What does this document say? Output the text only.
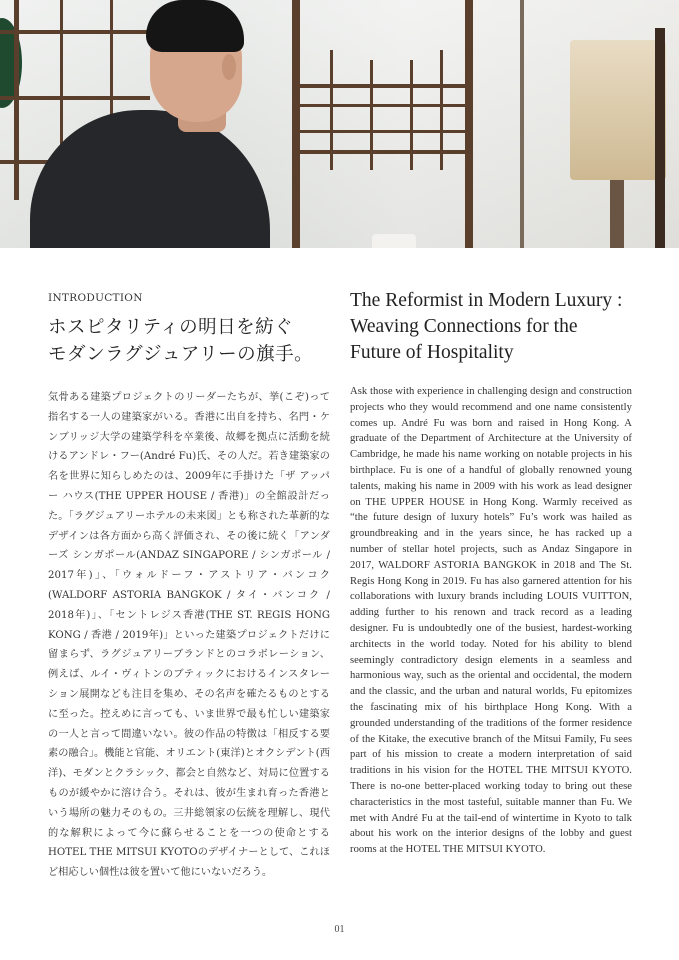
INTRODUCTION
ホスピタリティの明日を紡ぐ
モダンラグジュアリーの旗手。

気骨ある建築プロジェクトのリーダーたちが、挙(こぞ)って指名する一人の建築家がいる。香港に出自を持ち、名門・ケンブリッジ大学の建築学科を卒業後、故郷を拠点に活動を続けるアンドレ・フー(André Fu)氏、その人だ。若き建築家の名を世界に知らしめたのは、2009年に手掛けた「ザ アッパー ハウス(THE UPPER HOUSE / 香港)」の全館設計だった。「ラグジュアリーホテルの未来図」とも称された革新的なデザインは各方面から高く評価され、その後に続く「アンダーズ シンガポール(ANDAZ SINGAPORE / シンガポール / 2017年)」、「ウォルドーフ・アストリア・バンコク(WALDORF ASTORIA BANGKOK / タイ・バンコク / 2018年)」、「セントレジス香港(THE ST. REGIS HONG KONG / 香港 / 2019年)」といった建築プロジェクトだけに留まらず、ラグジュアリーブランドとのコラボレーション、例えば、ルイ・ヴィトンのブティックにおけるインスタレーション展開なども注目を集め、その名声を確たるものとするに至った。控えめに言っても、いま世界で最も忙しい建築家の一人と言って間違いない。彼の作品の特徴は「相反する要素の融合」。機能と官能、オリエント(東洋)とオクシデント(西洋)、モダンとクラシック、都会と自然など、対局に位置するものが緩やかに溶け合う。それは、彼が生まれ育った香港という場所の魅力そのもの。三井総領家の伝統を理解し、現代的な解釈によって今に蘇らせることを一つの使命とするHOTEL THE MITSUI KYOTOのデザイナーとして、これほど相応しい個性は彼を置いて他にいないだろう。

The Reformist in Modern Luxury :
Weaving Connections for the
Future of Hospitality

Ask those with experience in challenging design and construction projects who they would recommend and one name consistently comes up. André Fu was born and raised in Hong Kong. A graduate of the Department of Architecture at the University of Cambridge, he made his name working on notable projects in his birthplace. Fu is one of a handful of globally renowned young talents, making his name in 2009 with his work as lead designer on THE UPPER HOUSE in Hong Kong. Warmly received as “the future design of luxury hotels” Fu’s work was hailed as groundbreaking and in the years since, he has racked up a number of stellar hotel projects, such as Andaz Singapore in 2017, WALDORF ASTORIA BANGKOK in 2018 and The St. Regis Hong Kong in 2019. Fu has also garnered attention for his collaborations with luxury brands including LOUIS VUITTON, adding further to his renown and track record as a leading designer. Fu is undoubtedly one of the busiest, hardest-working architects in the world today. Noted for his ability to blend seemingly contradictory design elements in a seamless and harmonious way, such as the oriental and occidental, the modern and the classic, and the urban and natural worlds, Fu epitomizes the fascinating mix of his birthplace Hong Kong. With a grounded understanding of the traditions of the former residence of the Kitake, the executive branch of the Mitsui Family, Fu sees part of his mission to create a modern interpretation of said traditions in his vision for the HOTEL THE MITSUI KYOTO. There is no-one better-placed working today to bring out these characteristics in the most tasteful, suitable manner than Fu. We met with André Fu at the tail-end of wintertime in Kyoto to talk about his work on the interior designs of the lobby and guest rooms at the HOTEL THE MITSUI KYOTO.

01
